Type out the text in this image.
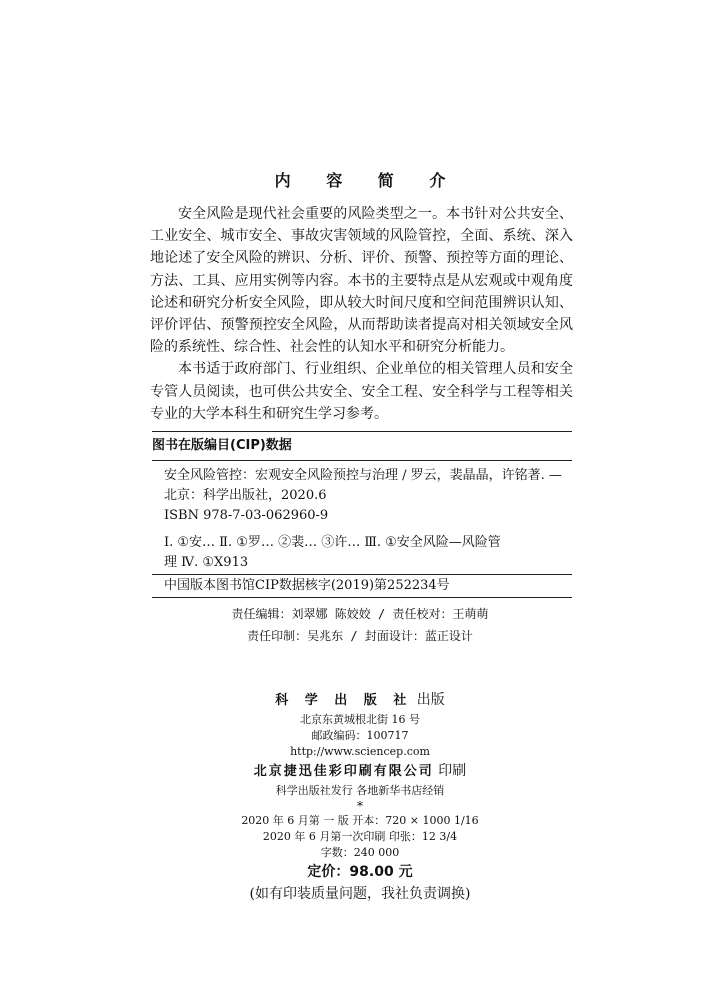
内 容 简 介

安全风险是现代社会重要的风险类型之一。本书针对公共安全、工业安全、城市安全、事故灾害领域的风险管控，全面、系统、深入地论述了安全风险的辨识、分析、评价、预警、预控等方面的理论、方法、工具、应用实例等内容。本书的主要特点是从宏观或中观角度论述和研究分析安全风险，即从较大时间尺度和空间范围辨识认知、评价评估、预警预控安全风险，从而帮助读者提高对相关领域安全风险的系统性、综合性、社会性的认知水平和研究分析能力。

本书适于政府部门、行业组织、企业单位的相关管理人员和安全专管人员阅读，也可供公共安全、安全工程、安全科学与工程等相关专业的大学本科生和研究生学习参考。

图书在版编目(CIP)数据
安全风险管控：宏观安全风险预控与治理 / 罗云，裴晶晶，许铭著. —
北京：科学出版社，2020.6
ISBN 978-7-03-062960-9
Ⅰ. ①安… Ⅱ. ①罗… ②裴… ③许… Ⅲ. ①安全风险—风险管
理 Ⅳ. ①X913
中国版本图书馆CIP数据核字(2019)第252234号
责任编辑：刘翠娜 陈姣姣 / 责任校对：王萌萌
责任印制：吴兆东 / 封面设计：蓝正设计
科 学 出 版 社 出版
北京东黄城根北街 16 号
邮政编码：100717
http://www.sciencep.com
北京捷迅佳彩印刷有限公司 印刷
科学出版社发行 各地新华书店经销
*
2020 年 6 月第 一 版 开本：720 × 1000 1/16
2020 年 6 月第一次印刷 印张：12 3/4
字数：240 000
定价：98.00 元
(如有印装质量问题，我社负责调换)
